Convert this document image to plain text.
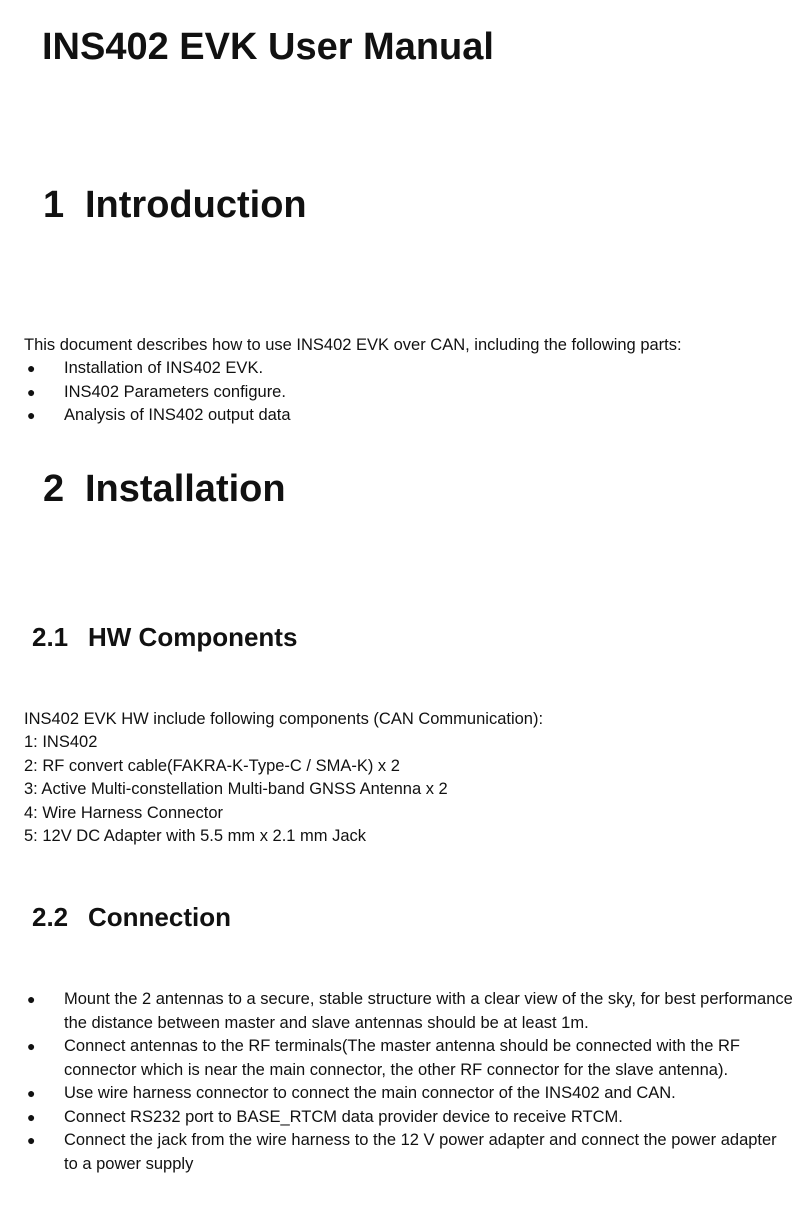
INS402 EVK User Manual
1 Introduction

This document describes how to use INS402 EVK over CAN, including the following parts:

● Installation of INS402 EVK.
● INS402 Parameters configure.
● Analysis of INS402 output data
2 Installation
2.1 HW Components

INS402 EVK HW include following components (CAN Communication):

1: INS402
2: RF convert cable(FAKRA-K-Type-C / SMA-K) x 2
3: Active Multi-constellation Multi-band GNSS Antenna x 2
4: Wire Harness Connector
5: 12V DC Adapter with 5.5 mm x 2.1 mm Jack
2.2 Connection
● Mount the 2 antennas to a secure, stable structure with a clear view of the sky, for best performance the distance between master and slave antennas should be at least 1m.
● Connect antennas to the RF terminals(The master antenna should be connected with the RF connector which is near the main connector, the other RF connector for the slave antenna).
● Use wire harness connector to connect the main connector of the INS402 and CAN.
● Connect RS232 port to BASE_RTCM data provider device to receive RTCM.
● Connect the jack from the wire harness to the 12 V power adapter and connect the power adapter to a power supply
